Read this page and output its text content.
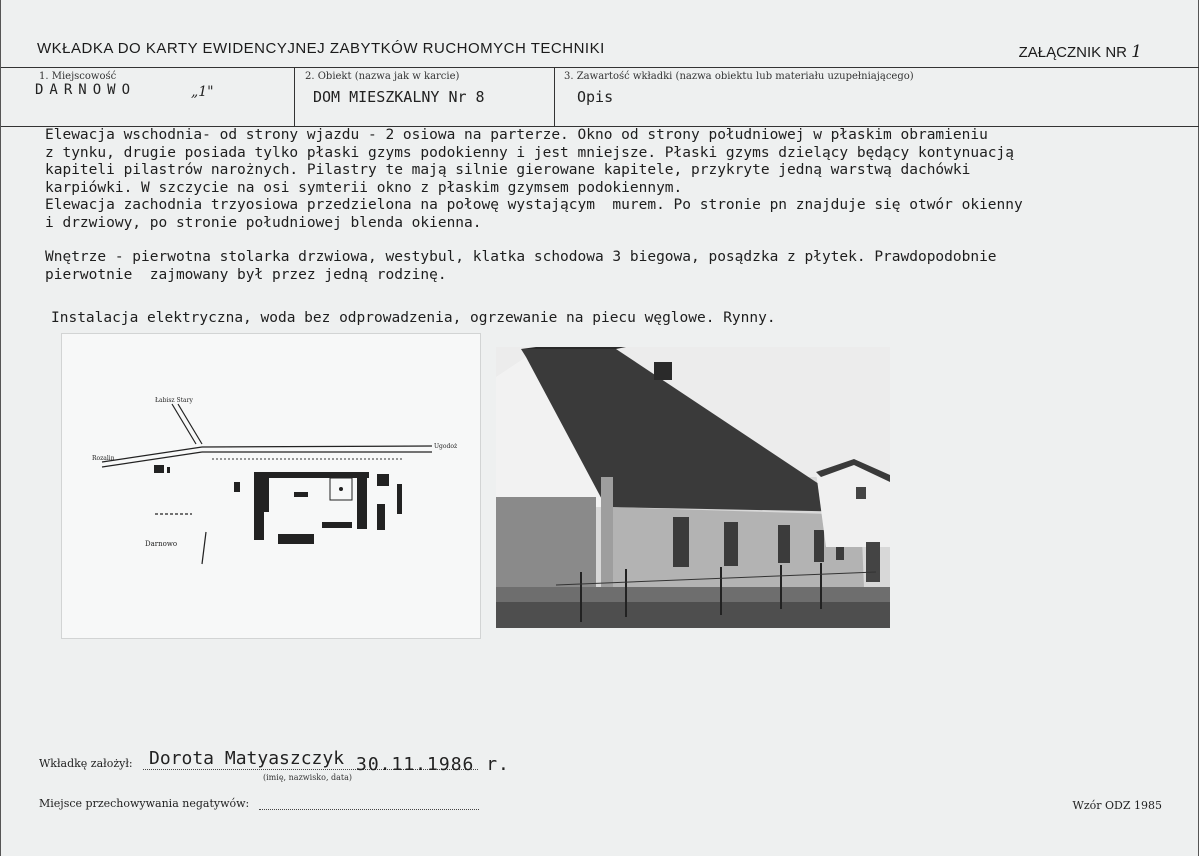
WKŁADKA DO KARTY EWIDENCYJNEJ ZABYTKÓW RUCHOMYCH TECHNIKI	ZAŁĄCZNIK NR 1
1. Miejscowość
DARNOWO	„1"
2. Obiekt (nazwa jak w karcie)
DOM MIESZKALNY Nr 8
3. Zawartość wkładki (nazwa obiektu lub materiału uzupełniającego)
Opis
Elewacja wschodnia- od strony wjazdu - 2 osiowa na parterze. Okno od strony południowej w płaskim obramieniu
z tynku, drugie posiada tylko płaski gzyms podokienny i jest mniejsze. Płaski gzyms dzielący będący kontynuacją
kapiteli pilastrów narożnych. Pilastry te mają silnie gierowane kapitele, przykryte jedną warstwą dachówki
karpiówki. W szczycie na osi symterii okno z płaskim gzymsem podokiennym.
Elewacja zachodnia trzyosiowa przedzielona na połowę wystającym  murem. Po stronie pn znajduje się otwór okienny
i drzwiowy, po stronie południowej blenda okienna.
Wnętrze - pierwotna stolarka drzwiowa, westybul, klatka schodowa 3 biegowa, posądzka z płytek. Prawdopodobnie
pierwotnie  zajmowany był przez jedną rodzinę.
Instalacja elektryczna, woda bez odprowadzenia, ogrzewanie na piecu węglowe. Rynny.
Łabisz Stary
Rozalin
Ugodoż
Darnowo
Wkładkę założył: Dorota Matyaszczyk 30.11.1986 r.
(imię, nazwisko, data)
Miejsce przechowywania negatywów:	Wzór ODZ 1985
